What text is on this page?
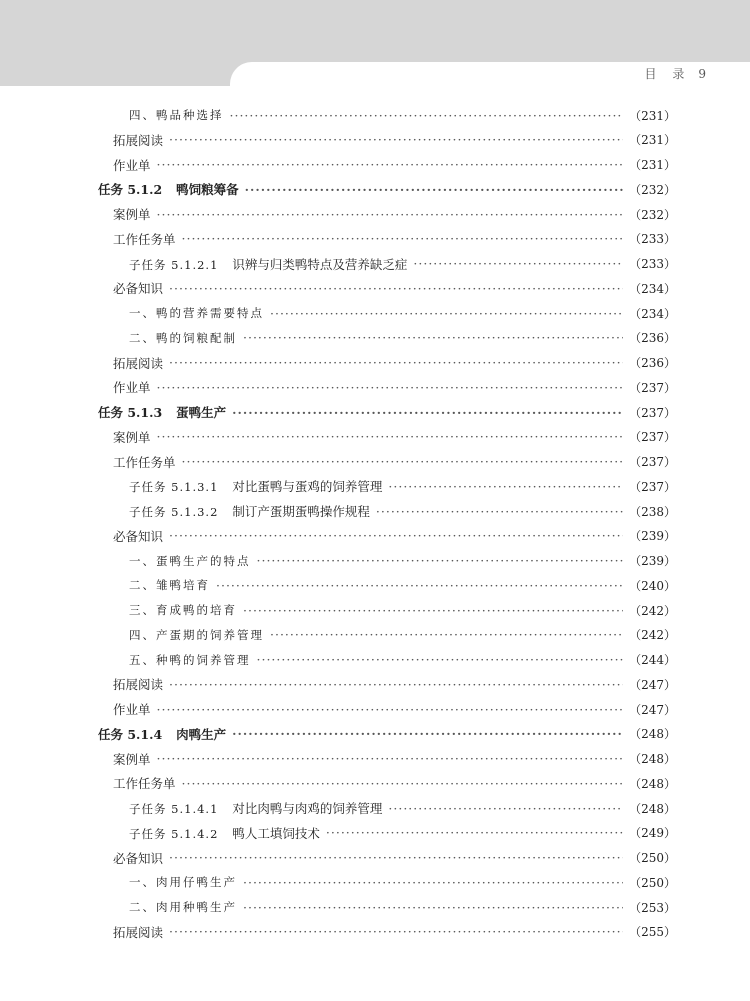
目 录 9
四、鸭品种选择 ·····	（231）
拓展阅读 ·····	（231）
作业单 ·····	（231）
任务 5.1.2 鸭饲粮筹备 ·····	（232）
案例单 ·····	（232）
工作任务单 ·····	（233）
子任务 5.1.2.1 识辨与归类鸭特点及营养缺乏症 ·····	（233）
必备知识 ·····	（234）
一、鸭的营养需要特点 ·····	（234）
二、鸭的饲粮配制 ·····	（236）
拓展阅读 ·····	（236）
作业单 ·····	（237）
任务 5.1.3 蛋鸭生产 ·····	（237）
案例单 ·····	（237）
工作任务单 ·····	（237）
子任务 5.1.3.1 对比蛋鸭与蛋鸡的饲养管理 ·····	（237）
子任务 5.1.3.2 制订产蛋期蛋鸭操作规程 ·····	（238）
必备知识 ·····	（239）
一、蛋鸭生产的特点 ·····	（239）
二、雏鸭培育 ·····	（240）
三、育成鸭的培育 ·····	（242）
四、产蛋期的饲养管理 ·····	（242）
五、种鸭的饲养管理 ·····	（244）
拓展阅读 ·····	（247）
作业单 ·····	（247）
任务 5.1.4 肉鸭生产 ·····	（248）
案例单 ·····	（248）
工作任务单 ·····	（248）
子任务 5.1.4.1 对比肉鸭与肉鸡的饲养管理 ·····	（248）
子任务 5.1.4.2 鸭人工填饲技术 ·····	（249）
必备知识 ·····	（250）
一、肉用仔鸭生产 ·····	（250）
二、肉用种鸭生产 ·····	（253）
拓展阅读 ·····	（255）
